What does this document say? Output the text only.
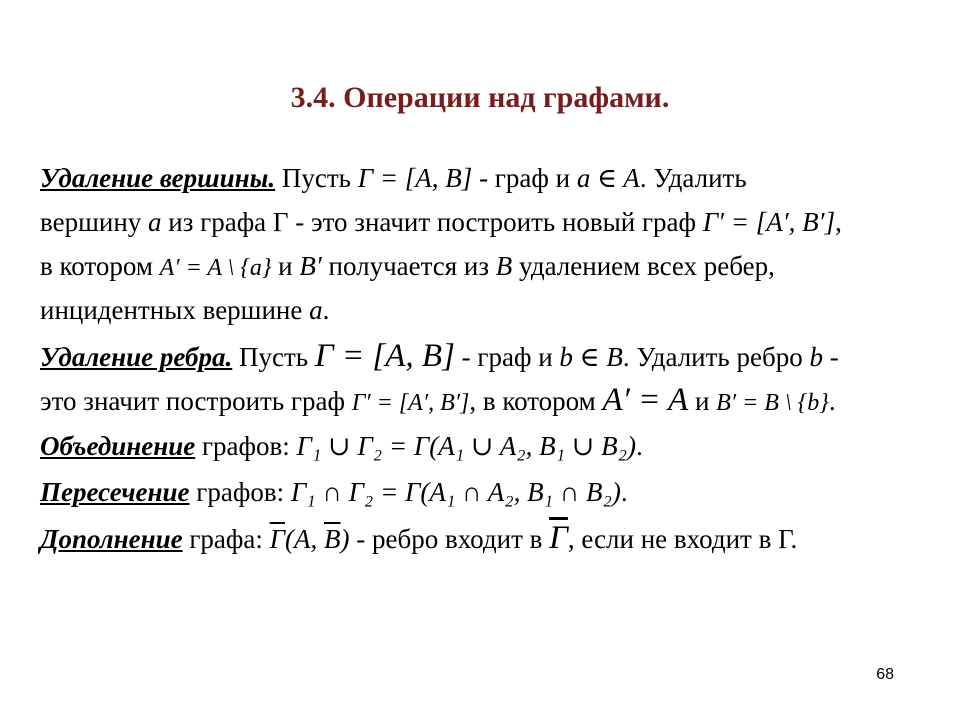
3.4. Операции над графами.
Удаление вершины. Пусть Γ = [A, B] - граф и a ∈ A. Удалить
вершину a из графа Γ - это значит построить новый граф Γ′ = [A′, B′],
в котором A′ = A \ {a} и B′ получается из B удалением всех ребер,
инцидентных вершине a.
Удаление ребра. Пусть Γ = [A, B] - граф и b ∈ B. Удалить ребро b -
это значит построить граф Γ′ = [A′, B′], в котором A′ = A и B′ = B \ {b}.
Объединение графов: Γ₁ ∪ Γ₂ = Γ(A₁ ∪ A₂, B₁ ∪ B₂).
Пересечение графов: Γ₁ ∩ Γ₂ = Γ(A₁ ∩ A₂, B₁ ∩ B₂).
Дополнение графа: $\overline{\Gamma}(A$, $\overline{B}$) - ребро входит в $\overline{\Gamma}$, если не входит в Γ.
68
